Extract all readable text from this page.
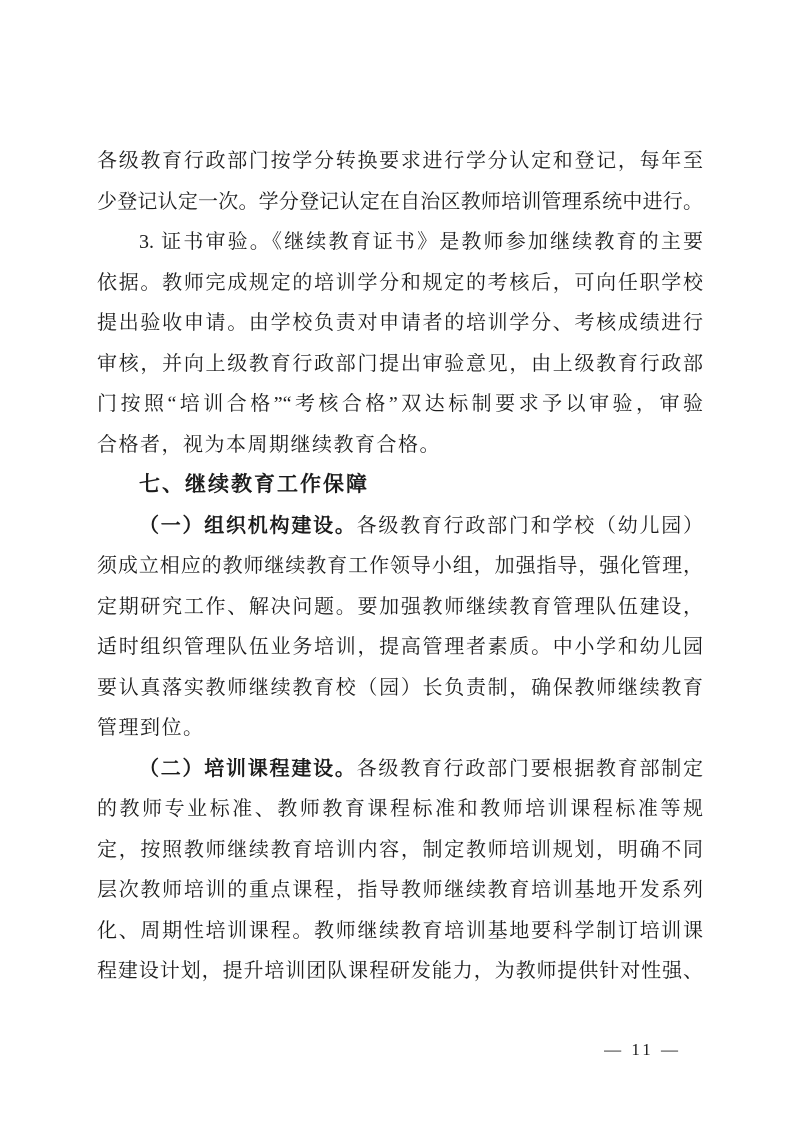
各级教育行政部门按学分转换要求进行学分认定和登记，每年至
少登记认定一次。学分登记认定在自治区教师培训管理系统中进行。
3. 证书审验。《继续教育证书》是教师参加继续教育的主要
依据。教师完成规定的培训学分和规定的考核后，可向任职学校
提出验收申请。由学校负责对申请者的培训学分、考核成绩进行
审核，并向上级教育行政部门提出审验意见，由上级教育行政部
门按照“培训合格”“考核合格”双达标制要求予以审验，审验
合格者，视为本周期继续教育合格。
七、继续教育工作保障
（一）组织机构建设。各级教育行政部门和学校（幼儿园）
须成立相应的教师继续教育工作领导小组，加强指导，强化管理，
定期研究工作、解决问题。要加强教师继续教育管理队伍建设，
适时组织管理队伍业务培训，提高管理者素质。中小学和幼儿园
要认真落实教师继续教育校（园）长负责制，确保教师继续教育
管理到位。
（二）培训课程建设。各级教育行政部门要根据教育部制定
的教师专业标准、教师教育课程标准和教师培训课程标准等规
定，按照教师继续教育培训内容，制定教师培训规划，明确不同
层次教师培训的重点课程，指导教师继续教育培训基地开发系列
化、周期性培训课程。教师继续教育培训基地要科学制订培训课
程建设计划，提升培训团队课程研发能力，为教师提供针对性强、
— 11 —
